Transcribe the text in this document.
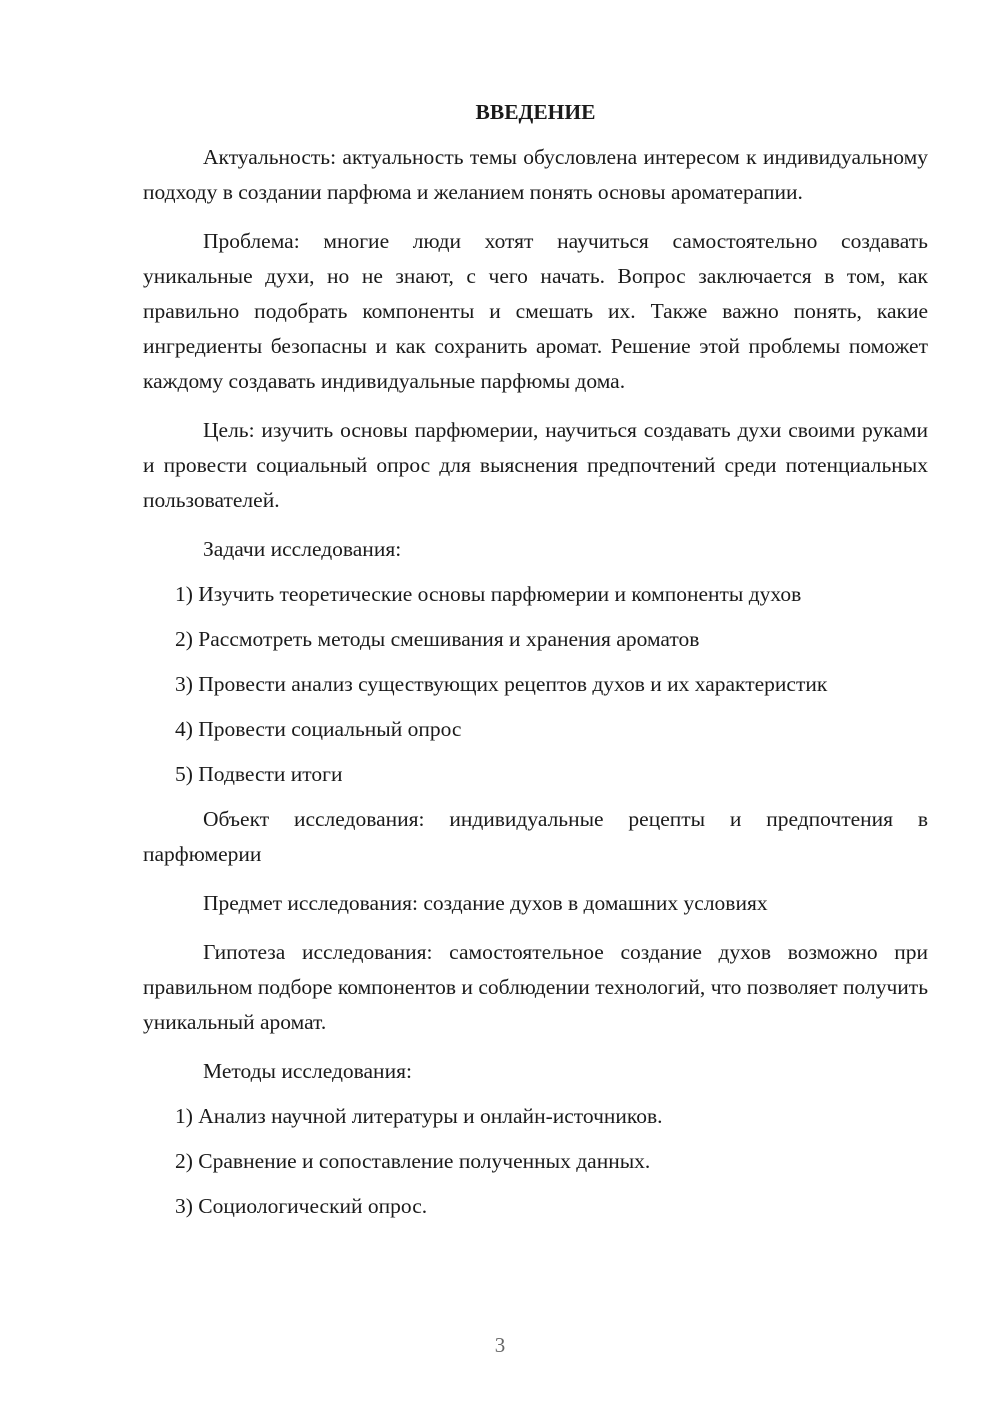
ВВЕДЕНИЕ

Актуальность: актуальность темы обусловлена интересом к индивидуальному подходу в создании парфюма и желанием понять основы ароматерапии.

Проблема: многие люди хотят научиться самостоятельно создавать уникальные духи, но не знают, с чего начать. Вопрос заключается в том, как правильно подобрать компоненты и смешать их. Также важно понять, какие ингредиенты безопасны и как сохранить аромат. Решение этой проблемы поможет каждому создавать индивидуальные парфюмы дома.

Цель: изучить основы парфюмерии, научиться создавать духи своими руками и провести социальный опрос для выяснения предпочтений среди потенциальных пользователей.

Задачи исследования:
1) Изучить теоретические основы парфюмерии и компоненты духов
2) Рассмотреть методы смешивания и хранения ароматов
3) Провести анализ существующих рецептов духов и их характеристик
4) Провести социальный опрос
5) Подвести итоги

Объект исследования: индивидуальные рецепты и предпочтения в парфюмерии

Предмет исследования: создание духов в домашних условиях

Гипотеза исследования: самостоятельное создание духов возможно при правильном подборе компонентов и соблюдении технологий, что позволяет получить уникальный аромат.

Методы исследования:
1) Анализ научной литературы и онлайн-источников.
2) Сравнение и сопоставление полученных данных.
3) Социологический опрос.
3
